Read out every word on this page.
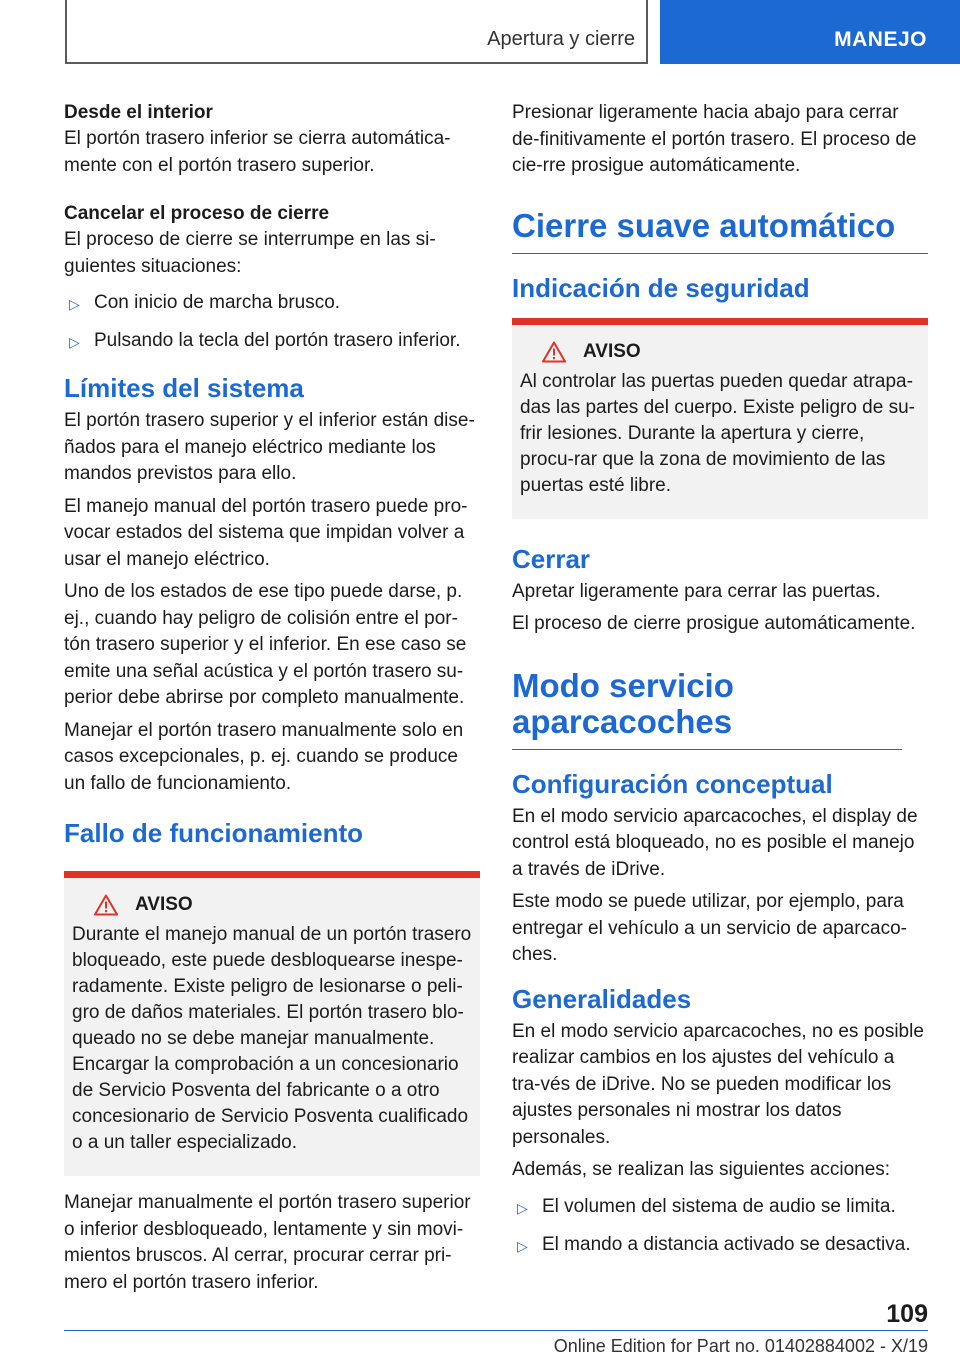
Apertura y cierre	MANEJO
Desde el interior

El portón trasero inferior se cierra automática-mente con el portón trasero superior.

Cancelar el proceso de cierre

El proceso de cierre se interrumpe en las si-guientes situaciones:

▷ Con inicio de marcha brusco.
▷ Pulsando la tecla del portón trasero inferior.
Límites del sistema

El portón trasero superior y el inferior están dise-ñados para el manejo eléctrico mediante los mandos previstos para ello.

El manejo manual del portón trasero puede pro-vocar estados del sistema que impidan volver a usar el manejo eléctrico.

Uno de los estados de ese tipo puede darse, p. ej., cuando hay peligro de colisión entre el por-tón trasero superior y el inferior. En ese caso se emite una señal acústica y el portón trasero su-perior debe abrirse por completo manualmente.

Manejar el portón trasero manualmente solo en casos excepcionales, p. ej. cuando se produce un fallo de funcionamiento.

Fallo de funcionamiento
AVISO

Durante el manejo manual de un portón trasero bloqueado, este puede desbloquearse inespe-radamente. Existe peligro de lesionarse o peli-gro de daños materiales. El portón trasero blo-queado no se debe manejar manualmente. Encargar la comprobación a un concesionario de Servicio Posventa del fabricante o a otro concesionario de Servicio Posventa cualificado o a un taller especializado.

Manejar manualmente el portón trasero superior o inferior desbloqueado, lentamente y sin movi-mientos bruscos. Al cerrar, procurar cerrar pri-mero el portón trasero inferior.

Presionar ligeramente hacia abajo para cerrar de-finitivamente el portón trasero. El proceso de cie-rre prosigue automáticamente.

Cierre suave automático
Indicación de seguridad
AVISO

Al controlar las puertas pueden quedar atrapa-das las partes del cuerpo. Existe peligro de su-frir lesiones. Durante la apertura y cierre, procu-rar que la zona de movimiento de las puertas esté libre.

Cerrar

Apretar ligeramente para cerrar las puertas.

El proceso de cierre prosigue automáticamente.

Modo servicio aparcacoches
Configuración conceptual

En el modo servicio aparcacoches, el display de control está bloqueado, no es posible el manejo a través de iDrive.

Este modo se puede utilizar, por ejemplo, para entregar el vehículo a un servicio de aparcaco-ches.

Generalidades

En el modo servicio aparcacoches, no es posible realizar cambios en los ajustes del vehículo a tra-vés de iDrive. No se pueden modificar los ajustes personales ni mostrar los datos personales.

Además, se realizan las siguientes acciones:

▷ El volumen del sistema de audio se limita.
▷ El mando a distancia activado se desactiva.
109
Online Edition for Part no. 01402884002 - X/19
